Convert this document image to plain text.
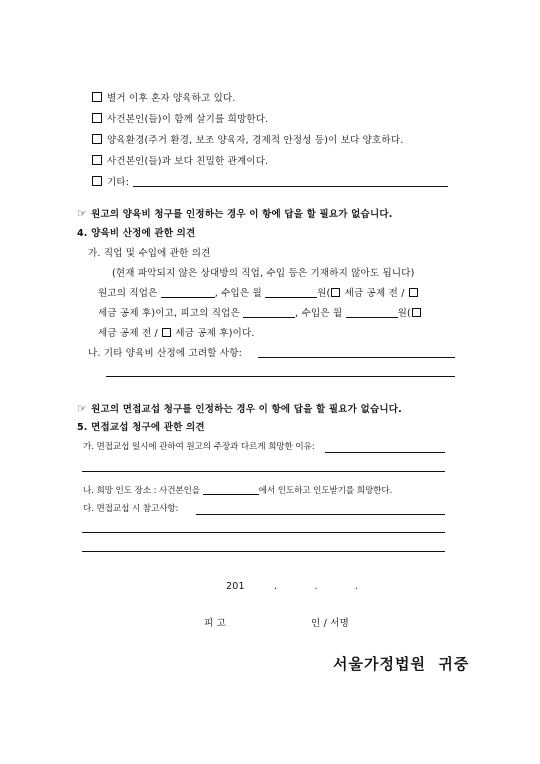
별거 이후 혼자 양육하고 있다.
사건본인(들)이 함께 살기를 희망한다.
양육환경(주거 환경, 보조 양육자, 경제적 안정성 등)이 보다 양호하다.
사건본인(들)과 보다 친밀한 관계이다.
기타:
☞ 원고의 양육비 청구를 인정하는 경우 이 항에 답을 할 필요가 없습니다.
4. 양육비 산정에 관한 의견
가. 직업 및 수입에 관한 의견
(현재 파악되지 않은 상대방의 직업, 수입 등은 기재하지 않아도 됩니다)
원고의 직업은	, 수입은 월	원( 세금 공제 전 /
세금 공제 후)이고, 피고의 직업은	, 수입은 월	원(
세금 공제 전 / 세금 공제 후)이다.
나. 기타 양육비 산정에 고려할 사항:
☞ 원고의 면접교섭 청구를 인정하는 경우 이 항에 답을 할 필요가 없습니다.
5. 면접교섭 청구에 관한 의견
가. 면접교섭 일시에 관하여 원고의 주장과 다르게 희망한 이유:
나. 희망 인도 장소 : 사건본인을	에서 인도하고 인도받기를 희망한다.
다. 면접교섭 시 참고사항:
201	.	.	.
피 고	인 / 서명
서울가정법원  귀중
